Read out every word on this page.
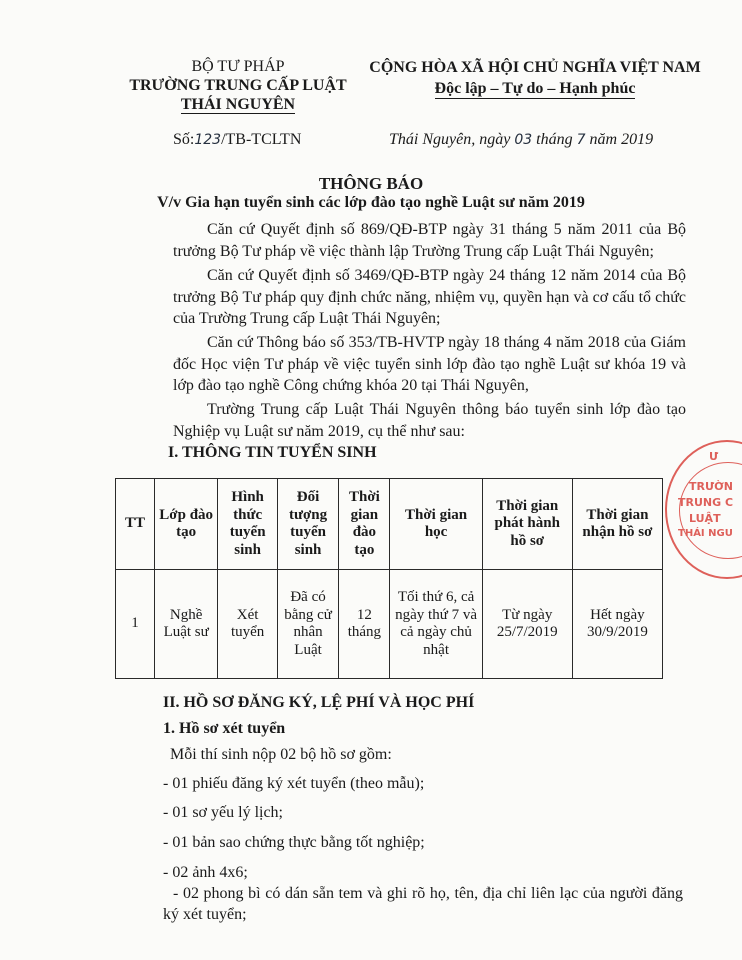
BỘ TƯ PHÁP
TRƯỜNG TRUNG CẤP LUẬT
THÁI NGUYÊN
CỘNG HÒA XÃ HỘI CHỦ NGHĨA VIỆT NAM
Độc lập – Tự do – Hạnh phúc
Số:123/TB-TCLTN	Thái Nguyên, ngày 03 tháng 7 năm 2019
THÔNG BÁO
V/v Gia hạn tuyển sinh các lớp đào tạo nghề Luật sư năm 2019
Căn cứ Quyết định số 869/QĐ-BTP ngày 31 tháng 5 năm 2011 của Bộ trưởng Bộ Tư pháp về việc thành lập Trường Trung cấp Luật Thái Nguyên;
Căn cứ Quyết định số 3469/QĐ-BTP ngày 24 tháng 12 năm 2014 của Bộ trưởng Bộ Tư pháp quy định chức năng, nhiệm vụ, quyền hạn và cơ cấu tổ chức của Trường Trung cấp Luật Thái Nguyên;
Căn cứ Thông báo số 353/TB-HVTP ngày 18 tháng 4 năm 2018 của Giám đốc Học viện Tư pháp về việc tuyển sinh lớp đào tạo nghề Luật sư khóa 19 và lớp đào tạo nghề Công chứng khóa 20 tại Thái Nguyên,
Trường Trung cấp Luật Thái Nguyên thông báo tuyển sinh lớp đào tạo Nghiệp vụ Luật sư năm 2019, cụ thể như sau:
I. THÔNG TIN TUYỂN SINH
TT	Lớp đào tạo	Hình thức tuyển sinh	Đối tượng tuyển sinh	Thời gian đào tạo	Thời gian học	Thời gian phát hành hồ sơ	Thời gian nhận hồ sơ
1	Nghề Luật sư	Xét tuyển	Đã có bằng cử nhân Luật	12 tháng	Tối thứ 6, cả ngày thứ 7 và cả ngày chủ nhật	Từ ngày 25/7/2019	Hết ngày 30/9/2019
II. HỒ SƠ ĐĂNG KÝ, LỆ PHÍ VÀ HỌC PHÍ
1. Hồ sơ xét tuyển
Mỗi thí sinh nộp 02 bộ hồ sơ gồm:
- 01 phiếu đăng ký xét tuyển (theo mẫu);
- 01 sơ yếu lý lịch;
- 01 bản sao chứng thực bằng tốt nghiệp;
- 02 ảnh 4x6;
- 02 phong bì có dán sẵn tem và ghi rõ họ, tên, địa chỉ liên lạc của người đăng ký xét tuyển;
Ư
TRƯỜN
TRUNG C
LUẬT
THÁI NGU
